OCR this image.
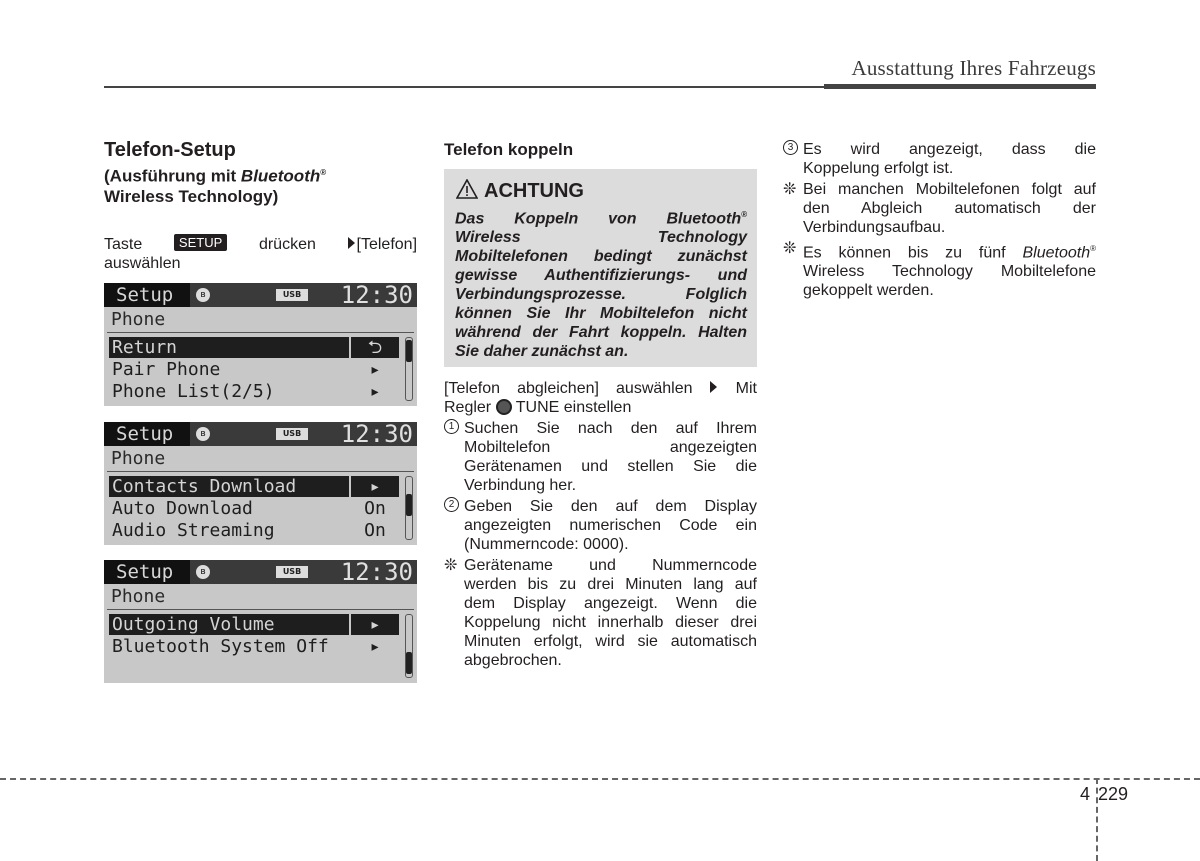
Ausstattung Ihres Fahrzeugs
Telefon-Setup
(Ausführung mit Bluetooth®
Wireless Technology)
Taste	SETUP drücken	[Telefon]
auswählen
Setup	ʙ	USB 12:30
Phone
Return	⮌
Pair Phone	▸
Phone List(2/5)	▸
Setup	ʙ	USB 12:30
Phone
Contacts Download	▸
Auto Download	On
Audio Streaming	On
Setup	ʙ	USB 12:30
Phone
Outgoing Volume	▸
Bluetooth System Off	▸
Telefon koppeln
ACHTUNG
Das Koppeln von Bluetooth®
Wireless Technology
Mobiltelefonen bedingt zunächst
gewisse Authentifizierungs- und
Verbindungsprozesse. Folglich
können Sie Ihr Mobiltelefon nicht
während der Fahrt koppeln. Halten
Sie daher zunächst an.
[Telefon abgleichen] auswählen	Mit
Regler TUNE einstellen
1 Suchen Sie nach den auf Ihrem
Mobiltelefon angezeigten
Gerätenamen und stellen Sie die
Verbindung her.
2 Geben Sie den auf dem Display
angezeigten numerischen Code ein
(Nummerncode: 0000).
❊ Gerätename und Nummerncode
werden bis zu drei Minuten lang auf
dem Display angezeigt. Wenn die
Koppelung nicht innerhalb dieser drei
Minuten erfolgt, wird sie automatisch
abgebrochen.
3 Es wird angezeigt, dass die
Koppelung erfolgt ist.
❊ Bei manchen Mobiltelefonen folgt auf
den Abgleich automatisch der
Verbindungsaufbau.
❊ Es können bis zu fünf Bluetooth®
Wireless Technology Mobiltelefone
gekoppelt werden.
4 229
